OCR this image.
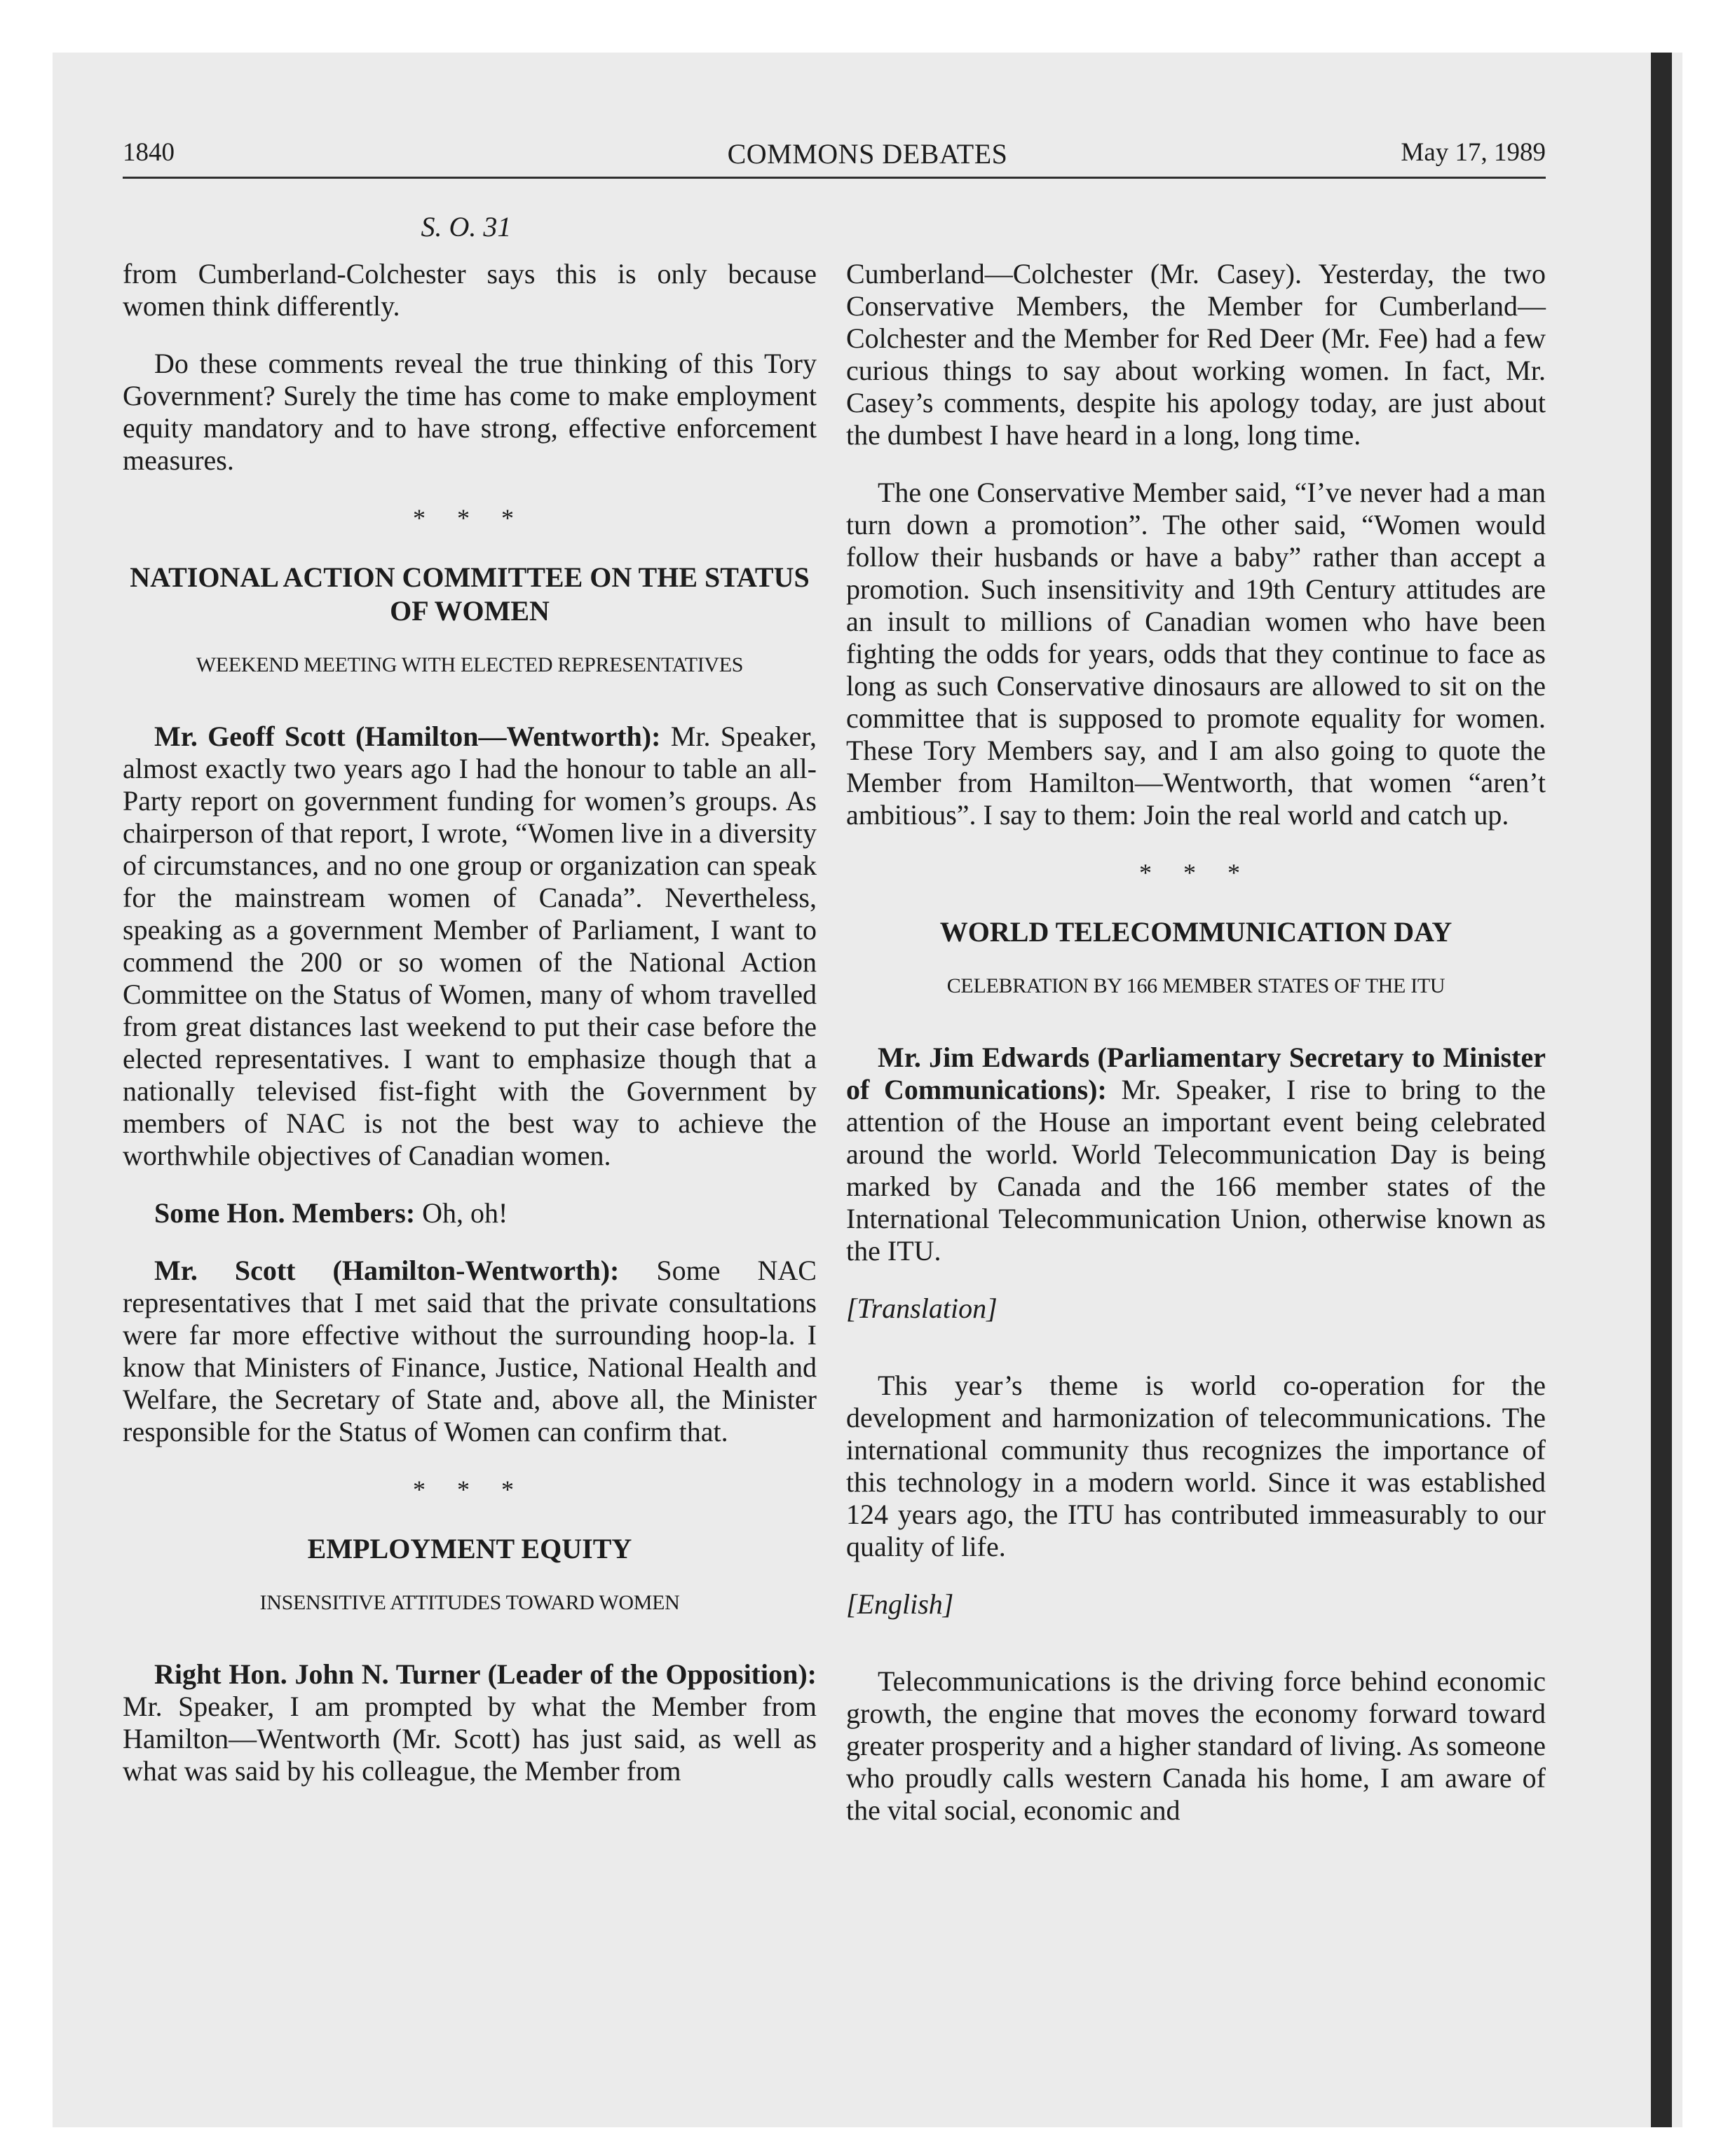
1840	COMMONS DEBATES	May 17, 1989
S. O. 31

from Cumberland-Colchester says this is only because women think differently.

Do these comments reveal the true thinking of this Tory Government? Surely the time has come to make employment equity mandatory and to have strong, effective enforcement measures.

* * *
NATIONAL ACTION COMMITTEE ON THE STATUS OF WOMEN
WEEKEND MEETING WITH ELECTED REPRESENTATIVES

Mr. Geoff Scott (Hamilton—Wentworth): Mr. Speaker, almost exactly two years ago I had the honour to table an all-Party report on government funding for women’s groups. As chairperson of that report, I wrote, “Women live in a diversity of circumstances, and no one group or organization can speak for the mainstream women of Canada”. Nevertheless, speaking as a government Member of Parliament, I want to commend the 200 or so women of the National Action Committee on the Status of Women, many of whom travelled from great distances last weekend to put their case before the elected representatives. I want to emphasize though that a nationally televised fist-fight with the Government by members of NAC is not the best way to achieve the worthwhile objectives of Canadian women.

Some Hon. Members: Oh, oh!

Mr. Scott (Hamilton-Wentworth): Some NAC representatives that I met said that the private consultations were far more effective without the surrounding hoop-la. I know that Ministers of Finance, Justice, National Health and Welfare, the Secretary of State and, above all, the Minister responsible for the Status of Women can confirm that.

* * *
EMPLOYMENT EQUITY
INSENSITIVE ATTITUDES TOWARD WOMEN

Right Hon. John N. Turner (Leader of the Opposition): Mr. Speaker, I am prompted by what the Member from Hamilton—Wentworth (Mr. Scott) has just said, as well as what was said by his colleague, the Member from

Cumberland—Colchester (Mr. Casey). Yesterday, the two Conservative Members, the Member for Cumberland—Colchester and the Member for Red Deer (Mr. Fee) had a few curious things to say about working women. In fact, Mr. Casey’s comments, despite his apology today, are just about the dumbest I have heard in a long, long time.

The one Conservative Member said, “I’ve never had a man turn down a promotion”. The other said, “Women would follow their husbands or have a baby” rather than accept a promotion. Such insensitivity and 19th Century attitudes are an insult to millions of Canadian women who have been fighting the odds for years, odds that they continue to face as long as such Conservative dinosaurs are allowed to sit on the committee that is supposed to promote equality for women. These Tory Members say, and I am also going to quote the Member from Hamilton—Wentworth, that women “aren’t ambitious”. I say to them: Join the real world and catch up.

* * *
WORLD TELECOMMUNICATION DAY
CELEBRATION BY 166 MEMBER STATES OF THE ITU

Mr. Jim Edwards (Parliamentary Secretary to Minister of Communications): Mr. Speaker, I rise to bring to the attention of the House an important event being celebrated around the world. World Telecommunication Day is being marked by Canada and the 166 member states of the International Telecommunication Union, otherwise known as the ITU.

[Translation]

This year’s theme is world co-operation for the development and harmonization of telecommunications. The international community thus recognizes the importance of this technology in a modern world. Since it was established 124 years ago, the ITU has contributed immeasurably to our quality of life.

[English]

Telecommunications is the driving force behind economic growth, the engine that moves the economy forward toward greater prosperity and a higher standard of living. As someone who proudly calls western Canada his home, I am aware of the vital social, economic and
